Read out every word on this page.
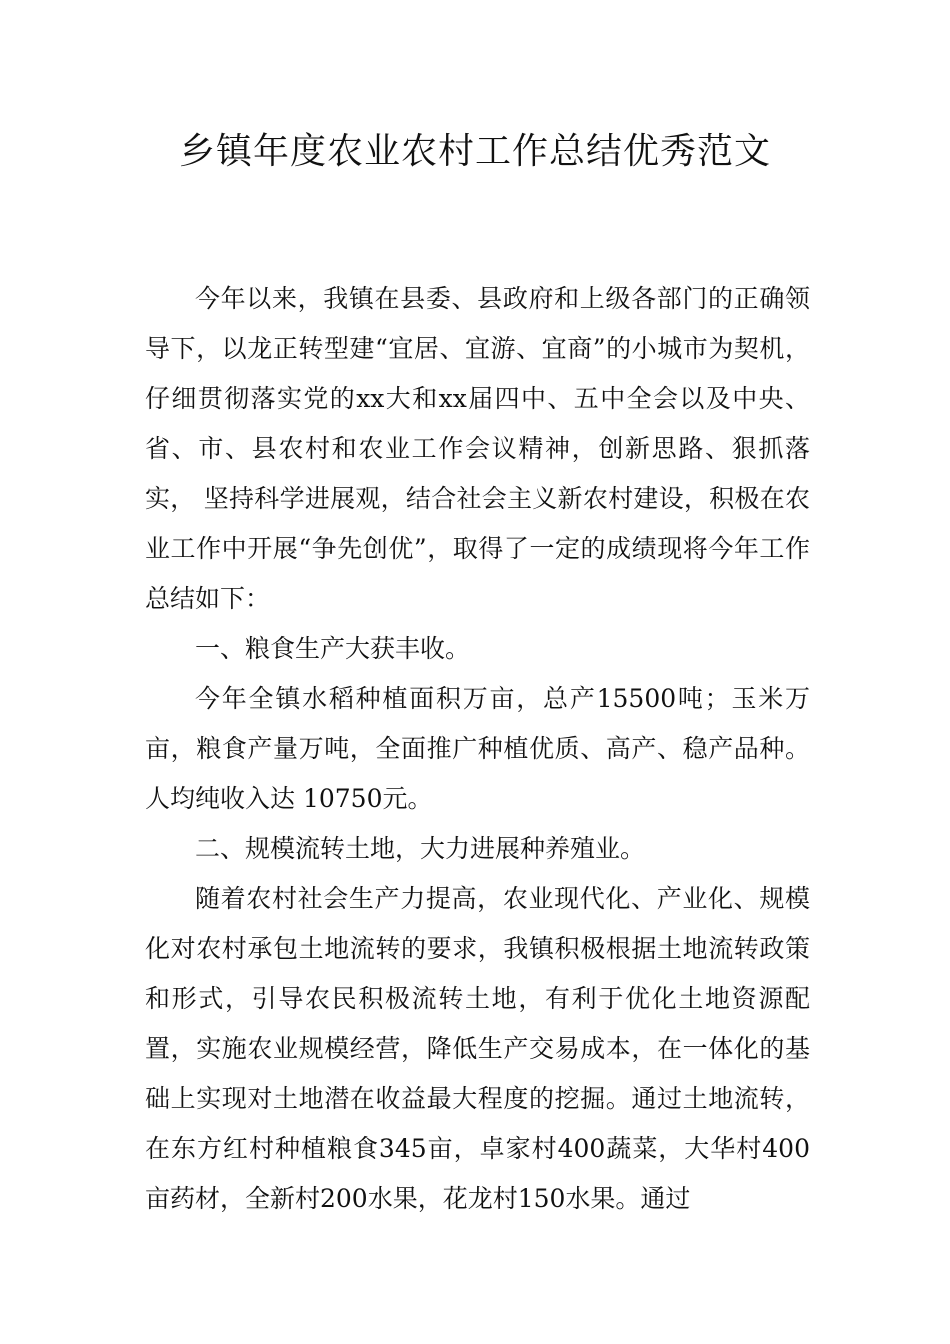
乡镇年度农业农村工作总结优秀范文

今年以来，我镇在县委、县政府和上级各部门的正确领导下，以龙正转型建“宜居、宜游、宜商”的小城市为契机，仔细贯彻落实党的xx大和xx届四中、五中全会以及中央、省、市、县农村和农业工作会议精神，创新思路、狠抓落实， 坚持科学进展观，结合社会主义新农村建设，积极在农业工作中开展“争先创优”，取得了一定的成绩现将今年工作总结如下：

一、粮食生产大获丰收。

今年全镇水稻种植面积万亩，总产15500吨；玉米万亩，粮食产量万吨，全面推广种植优质、高产、稳产品种。人均纯收入达 10750元。

二、规模流转土地，大力进展种养殖业。

随着农村社会生产力提高，农业现代化、产业化、规模化对农村承包土地流转的要求，我镇积极根据土地流转政策和形式，引导农民积极流转土地，有利于优化土地资源配置，实施农业规模经营，降低生产交易成本，在一体化的基础上实现对土地潜在收益最大程度的挖掘。通过土地流转，在东方红村种植粮食345亩，卓家村400蔬菜，大华村400亩药材，全新村200水果，花龙村150水果。通过
